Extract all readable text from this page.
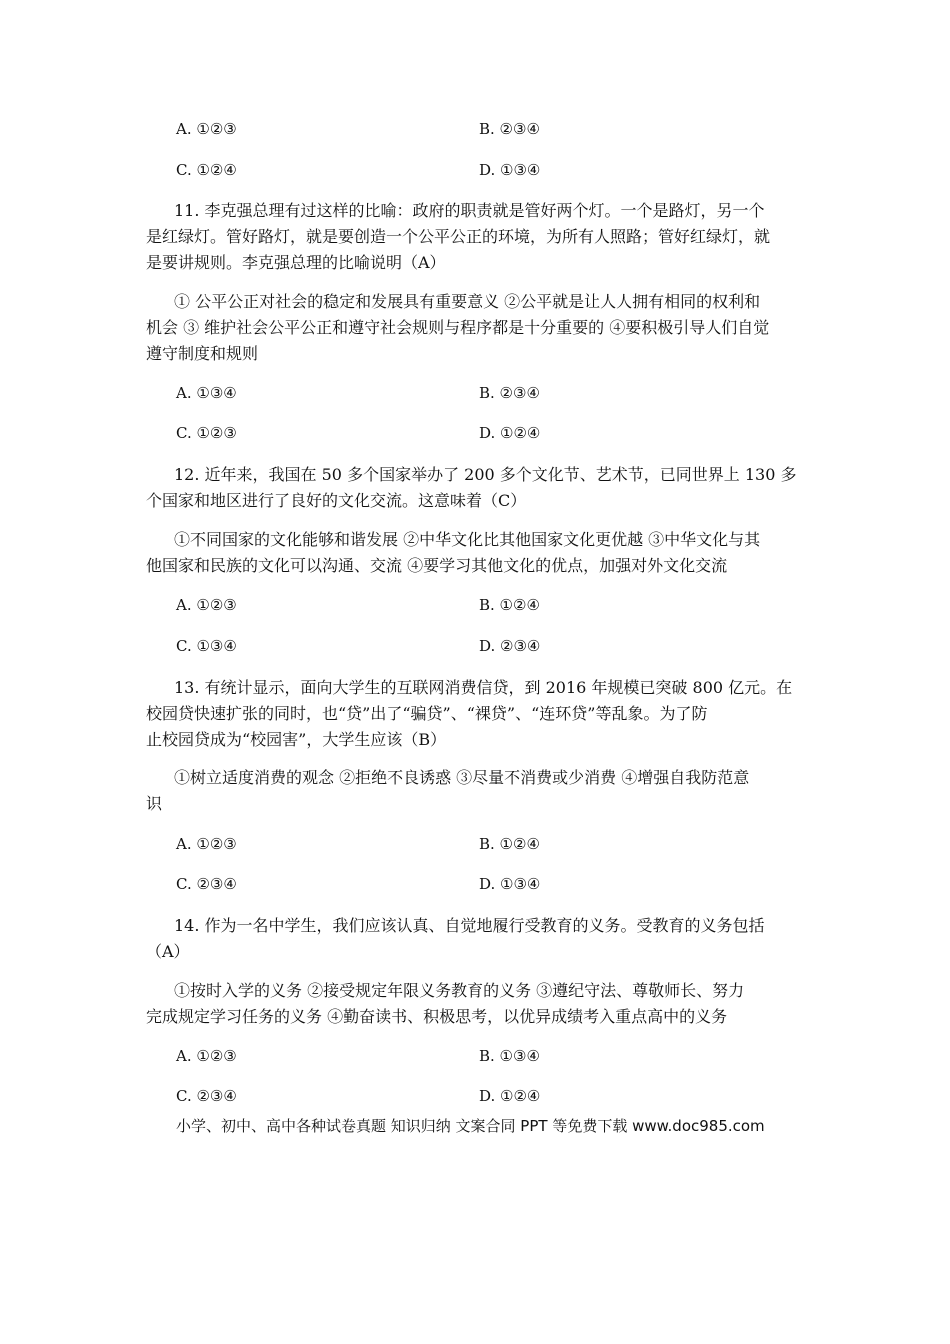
A. ①②③	B. ②③④
C. ①②④	D. ①③④
11. 李克强总理有过这样的比喻：政府的职责就是管好两个灯。一个是路灯，另一个
是红绿灯。管好路灯，就是要创造一个公平公正的环境，为所有人照路；管好红绿灯，就
是要讲规则。李克强总理的比喻说明（A）
① 公平公正对社会的稳定和发展具有重要意义 ②公平就是让人人拥有相同的权利和
机会 ③ 维护社会公平公正和遵守社会规则与程序都是十分重要的 ④要积极引导人们自觉
遵守制度和规则
A. ①③④	B. ②③④
C. ①②③	D. ①②④
12. 近年来，我国在 50 多个国家举办了 200 多个文化节、艺术节，已同世界上 130 多
个国家和地区进行了良好的文化交流。这意味着（C）
①不同国家的文化能够和谐发展 ②中华文化比其他国家文化更优越 ③中华文化与其
他国家和民族的文化可以沟通、交流 ④要学习其他文化的优点，加强对外文化交流
A. ①②③	B. ①②④
C. ①③④	D. ②③④
13. 有统计显示，面向大学生的互联网消费信贷，到 2016 年规模已突破 800 亿元。在
校园贷快速扩张的同时，也“贷”出了“骗贷”、“裸贷”、“连环贷”等乱象。为了防
止校园贷成为“校园害”，大学生应该（B）
①树立适度消费的观念 ②拒绝不良诱惑 ③尽量不消费或少消费 ④增强自我防范意
识
A. ①②③	B. ①②④
C. ②③④	D. ①③④
14. 作为一名中学生，我们应该认真、自觉地履行受教育的义务。受教育的义务包括
（A）
①按时入学的义务 ②接受规定年限义务教育的义务 ③遵纪守法、尊敬师长、努力
完成规定学习任务的义务 ④勤奋读书、积极思考，以优异成绩考入重点高中的义务
A. ①②③	B. ①③④
C. ②③④	D. ①②④
小学、初中、高中各种试卷真题 知识归纳 文案合同 PPT 等免费下载 www.doc985.com
